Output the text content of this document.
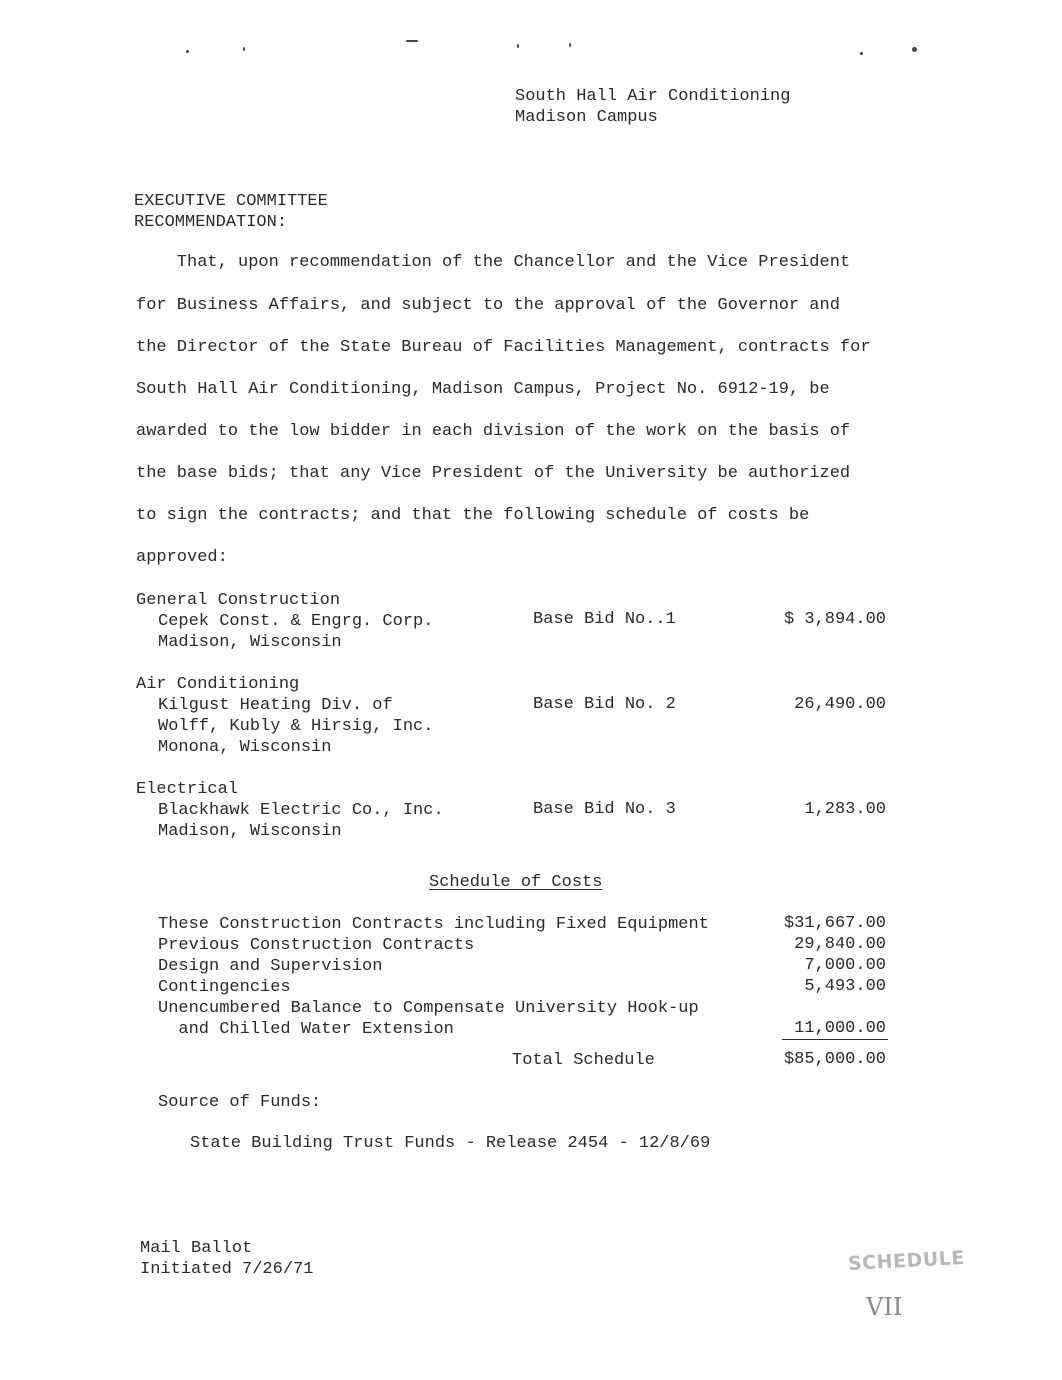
South Hall Air Conditioning
Madison Campus
EXECUTIVE COMMITTEE
RECOMMENDATION:
That, upon recommendation of the Chancellor and the Vice President
for Business Affairs, and subject to the approval of the Governor and
the Director of the State Bureau of Facilities Management, contracts for
South Hall Air Conditioning, Madison Campus, Project No. 6912-19, be
awarded to the low bidder in each division of the work on the basis of
the base bids; that any Vice President of the University be authorized
to sign the contracts; and that the following schedule of costs be
approved:
General Construction
Cepek Const. & Engrg. Corp.	Base Bid No..1	$ 3,894.00
Madison, Wisconsin
Air Conditioning
Kilgust Heating Div. of	Base Bid No. 2	26,490.00
Wolff, Kubly & Hirsig, Inc.
Monona, Wisconsin
Electrical
Blackhawk Electric Co., Inc.	Base Bid No. 3	1,283.00
Madison, Wisconsin
Schedule of Costs
These Construction Contracts including Fixed Equipment	$31,667.00
Previous Construction Contracts	29,840.00
Design and Supervision	7,000.00
Contingencies	5,493.00
Unencumbered Balance to Compensate University Hook-up
and Chilled Water Extension	11,000.00
Total Schedule	$85,000.00
Source of Funds:
State Building Trust Funds - Release 2454 - 12/8/69
Mail Ballot
Initiated 7/26/71	SCHEDULE
VII
